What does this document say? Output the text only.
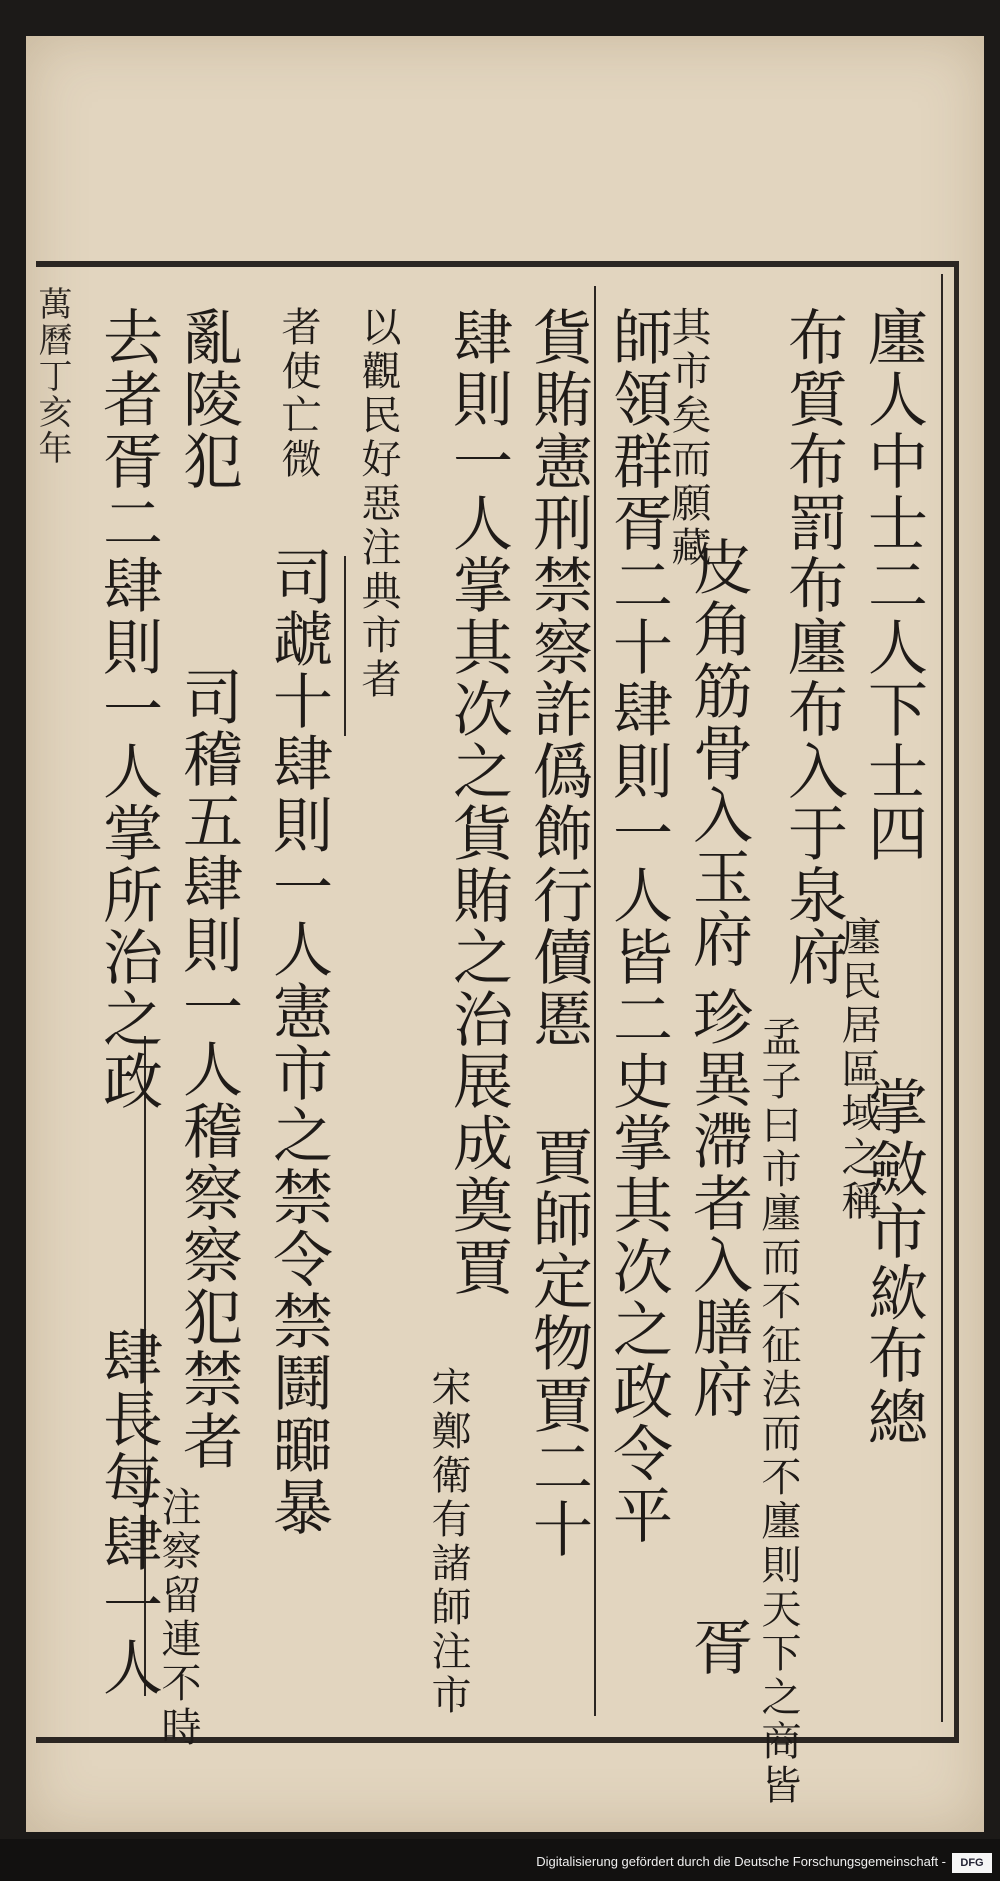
廛人中士二人下士四
廛民居區域之稱
掌斂市絘布總
布質布罰布廛布入于泉府
孟子曰市廛而不征法而不廛則天下之商皆
其市矣而願藏
皮角筋骨入玉府
珍異滯者入膳府
胥
師領群胥二十肆則一人皆二史掌其次之政令平
貨賄憲刑禁察詐僞飾行儥慝
賈師定物賈二十
肆則一人掌其次之貨賄之治展成奠賈
宋鄭衛有諸師注市
以觀民好惡注典市者
司虣十肆則一人憲市之禁令禁鬪嚻暴
者使亡微
亂陵犯
司稽五肆則一人稽察察犯禁者
注察留連不時
去者胥二肆則一人掌所治之政
肆長每肆一人
萬曆丁亥年
Digitalisierung gefördert durch die Deutsche Forschungsgemeinschaft -	DFG
